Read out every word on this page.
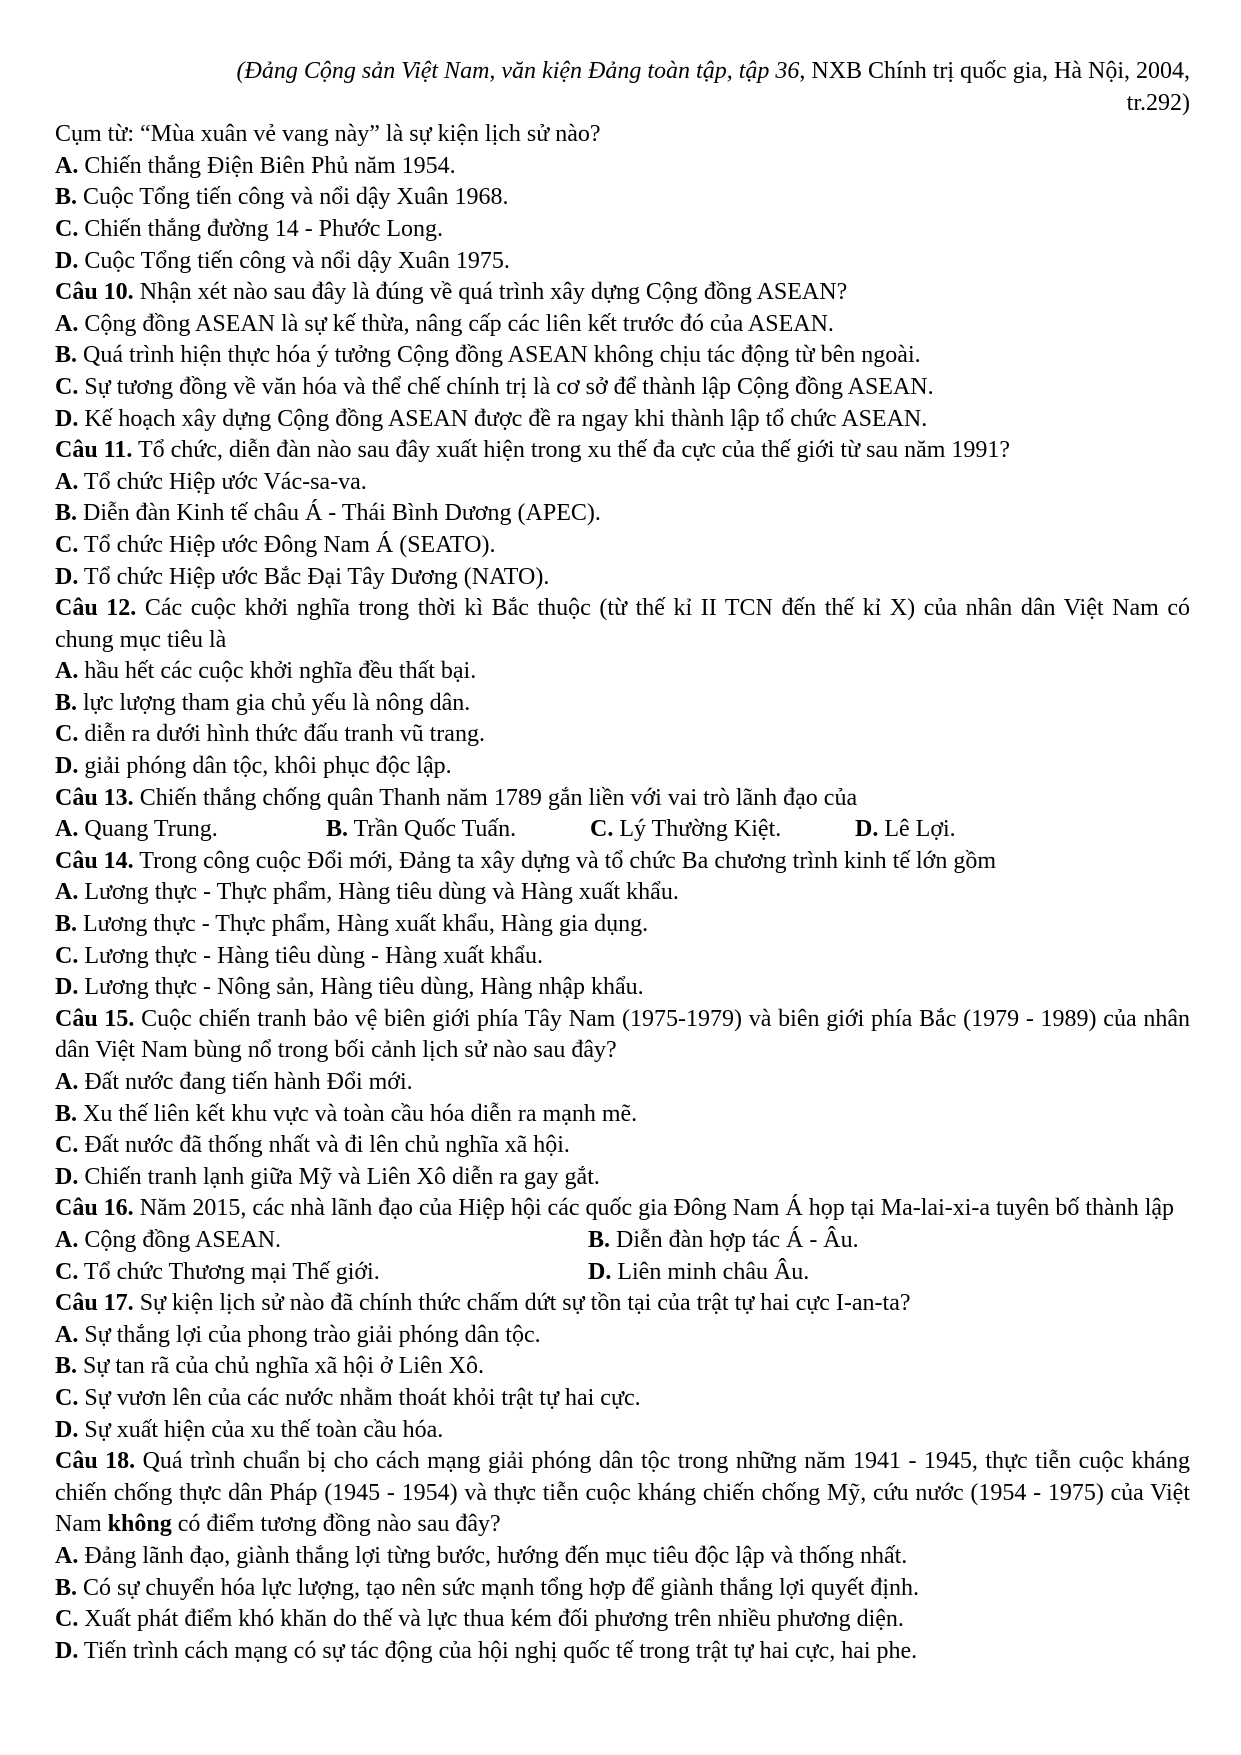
(Đảng Cộng sản Việt Nam, văn kiện Đảng toàn tập, tập 36, NXB Chính trị quốc gia, Hà Nội, 2004,
tr.292)

Cụm từ: “Mùa xuân vẻ vang này” là sự kiện lịch sử nào?

A. Chiến thắng Điện Biên Phủ năm 1954.

B. Cuộc Tổng tiến công và nổi dậy Xuân 1968.

C. Chiến thắng đường 14 - Phước Long.

D. Cuộc Tổng tiến công và nổi dậy Xuân 1975.

Câu 10. Nhận xét nào sau đây là đúng về quá trình xây dựng Cộng đồng ASEAN?

A. Cộng đồng ASEAN là sự kế thừa, nâng cấp các liên kết trước đó của ASEAN.

B. Quá trình hiện thực hóa ý tưởng Cộng đồng ASEAN không chịu tác động từ bên ngoài.

C. Sự tương đồng về văn hóa và thể chế chính trị là cơ sở để thành lập Cộng đồng ASEAN.

D. Kế hoạch xây dựng Cộng đồng ASEAN được đề ra ngay khi thành lập tổ chức ASEAN.

Câu 11. Tổ chức, diễn đàn nào sau đây xuất hiện trong xu thế đa cực của thế giới từ sau năm 1991?

A. Tổ chức Hiệp ước Vác-sa-va.

B. Diễn đàn Kinh tế châu Á - Thái Bình Dương (APEC).

C. Tổ chức Hiệp ước Đông Nam Á (SEATO).

D. Tổ chức Hiệp ước Bắc Đại Tây Dương (NATO).

Câu 12. Các cuộc khởi nghĩa trong thời kì Bắc thuộc (từ thế kỉ II TCN đến thế kỉ X) của nhân dân Việt Nam có chung mục tiêu là

A. hầu hết các cuộc khởi nghĩa đều thất bại.

B. lực lượng tham gia chủ yếu là nông dân.

C. diễn ra dưới hình thức đấu tranh vũ trang.

D. giải phóng dân tộc, khôi phục độc lập.

Câu 13. Chiến thắng chống quân Thanh năm 1789 gắn liền với vai trò lãnh đạo của

A. Quang Trung.	B. Trần Quốc Tuấn.	C. Lý Thường Kiệt.	D. Lê Lợi.

Câu 14. Trong công cuộc Đổi mới, Đảng ta xây dựng và tổ chức Ba chương trình kinh tế lớn gồm

A. Lương thực - Thực phẩm, Hàng tiêu dùng và Hàng xuất khẩu.

B. Lương thực - Thực phẩm, Hàng xuất khẩu, Hàng gia dụng.

C. Lương thực - Hàng tiêu dùng - Hàng xuất khẩu.

D. Lương thực - Nông sản, Hàng tiêu dùng, Hàng nhập khẩu.

Câu 15. Cuộc chiến tranh bảo vệ biên giới phía Tây Nam (1975-1979) và biên giới phía Bắc (1979 - 1989) của nhân dân Việt Nam bùng nổ trong bối cảnh lịch sử nào sau đây?

A. Đất nước đang tiến hành Đổi mới.

B. Xu thế liên kết khu vực và toàn cầu hóa diễn ra mạnh mẽ.

C. Đất nước đã thống nhất và đi lên chủ nghĩa xã hội.

D. Chiến tranh lạnh giữa Mỹ và Liên Xô diễn ra gay gắt.

Câu 16. Năm 2015, các nhà lãnh đạo của Hiệp hội các quốc gia Đông Nam Á họp tại Ma-lai-xi-a tuyên bố thành lập

A. Cộng đồng ASEAN.	B. Diễn đàn hợp tác Á - Âu.

C. Tổ chức Thương mại Thế giới.	D. Liên minh châu Âu.

Câu 17. Sự kiện lịch sử nào đã chính thức chấm dứt sự tồn tại của trật tự hai cực I-an-ta?

A. Sự thắng lợi của phong trào giải phóng dân tộc.

B. Sự tan rã của chủ nghĩa xã hội ở Liên Xô.

C. Sự vươn lên của các nước nhằm thoát khỏi trật tự hai cực.

D. Sự xuất hiện của xu thế toàn cầu hóa.

Câu 18. Quá trình chuẩn bị cho cách mạng giải phóng dân tộc trong những năm 1941 - 1945, thực tiễn cuộc kháng chiến chống thực dân Pháp (1945 - 1954) và thực tiễn cuộc kháng chiến chống Mỹ, cứu nước (1954 - 1975) của Việt Nam không có điểm tương đồng nào sau đây?

A. Đảng lãnh đạo, giành thắng lợi từng bước, hướng đến mục tiêu độc lập và thống nhất.

B. Có sự chuyển hóa lực lượng, tạo nên sức mạnh tổng hợp để giành thắng lợi quyết định.

C. Xuất phát điểm khó khăn do thế và lực thua kém đối phương trên nhiều phương diện.

D. Tiến trình cách mạng có sự tác động của hội nghị quốc tế trong trật tự hai cực, hai phe.
